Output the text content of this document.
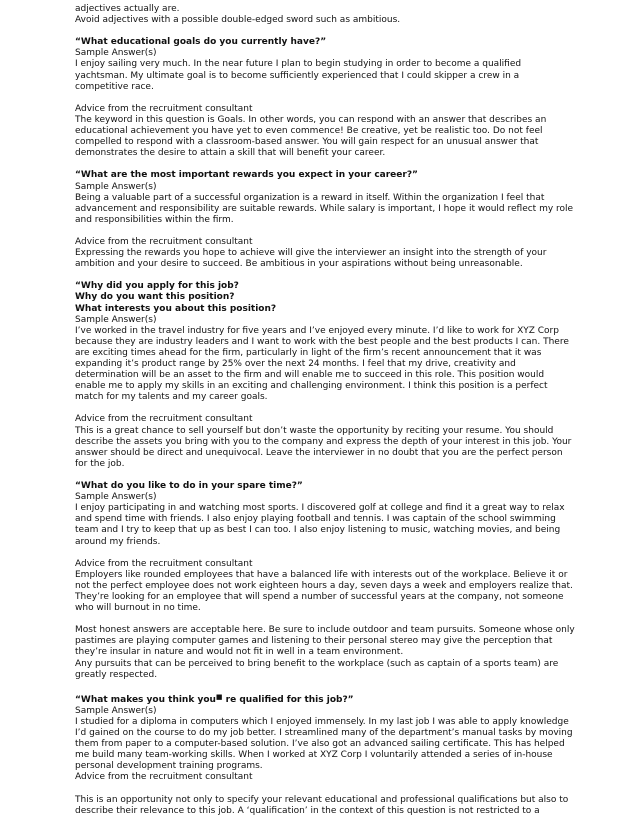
adjectives actually are.

Avoid adjectives with a possible double-edged sword such as ambitious.

“What educational goals do you currently have?”

Sample Answer(s)

I enjoy sailing very much. In the near future I plan to begin studying in order to become a qualified yachtsman. My ultimate goal is to become sufficiently experienced that I could skipper a crew in a competitive race.

Advice from the recruitment consultant

The keyword in this question is Goals. In other words, you can respond with an answer that describes an educational achievement you have yet to even commence! Be creative, yet be realistic too. Do not feel compelled to respond with a classroom-based answer. You will gain respect for an unusual answer that demonstrates the desire to attain a skill that will benefit your career.

“What are the most important rewards you expect in your career?”

Sample Answer(s)

Being a valuable part of a successful organization is a reward in itself. Within the organization I feel that advancement and responsibility are suitable rewards. While salary is important, I hope it would reflect my role and responsibilities within the firm.

Advice from the recruitment consultant

Expressing the rewards you hope to achieve will give the interviewer an insight into the strength of your ambition and your desire to succeed. Be ambitious in your aspirations without being unreasonable.

“Why did you apply for this job?

Why do you want this position?

What interests you about this position?

Sample Answer(s)

I’ve worked in the travel industry for five years and I’ve enjoyed every minute. I’d like to work for XYZ Corp because they are industry leaders and I want to work with the best people and the best products I can. There are exciting times ahead for the firm, particularly in light of the firm’s recent announcement that it was expanding it’s product range by 25% over the next 24 months. I feel that my drive, creativity and determination will be an asset to the firm and will enable me to succeed in this role. This position would enable me to apply my skills in an exciting and challenging environment. I think this position is a perfect match for my talents and my career goals.

Advice from the recruitment consultant

This is a great chance to sell yourself but don’t waste the opportunity by reciting your resume. You should describe the assets you bring with you to the company and express the depth of your interest in this job. Your answer should be direct and unequivocal. Leave the interviewer in no doubt that you are the perfect person for the job.

“What do you like to do in your spare time?”

Sample Answer(s)

I enjoy participating in and watching most sports. I discovered golf at college and find it a great way to relax and spend time with friends. I also enjoy playing football and tennis. I was captain of the school swimming team and I try to keep that up as best I can too. I also enjoy listening to music, watching movies, and being around my friends.

Advice from the recruitment consultant

Employers like rounded employees that have a balanced life with interests out of the workplace. Believe it or not the perfect employee does not work eighteen hours a day, seven days a week and employers realize that. They’re looking for an employee that will spend a number of successful years at the company, not someone who will burnout in no time.

Most honest answers are acceptable here. Be sure to include outdoor and team pursuits. Someone whose only pastimes are playing computer games and listening to their personal stereo may give the perception that they’re insular in nature and would not fit in well in a team environment.

Any pursuits that can be perceived to bring benefit to the workplace (such as captain of a sports team) are greatly respected.

“What makes you think you■ re qualified for this job?”

Sample Answer(s)

I studied for a diploma in computers which I enjoyed immensely. In my last job I was able to apply knowledge I’d gained on the course to do my job better. I streamlined many of the department’s manual tasks by moving them from paper to a computer-based solution. I’ve also got an advanced sailing certificate. This has helped me build many team-working skills. When I worked at XYZ Corp I voluntarily attended a series of in-house personal development training programs.

Advice from the recruitment consultant

This is an opportunity not only to specify your relevant educational and professional qualifications but also to describe their relevance to this job. A ‘qualification’ in the context of this question is not restricted to a
